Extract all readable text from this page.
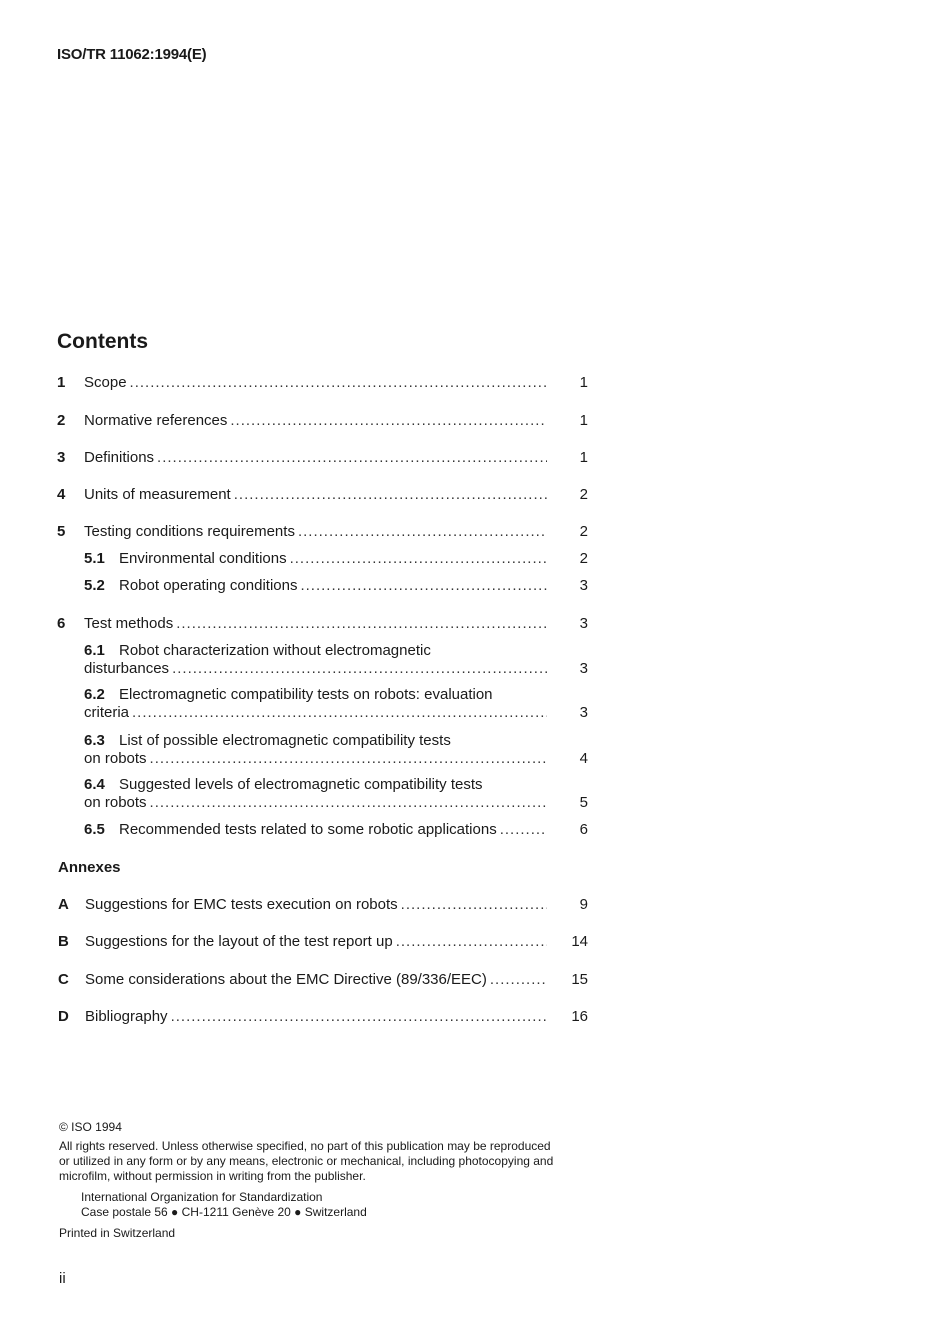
ISO/TR 11062:1994(E)
Contents
1 Scope .....	1
2 Normative references .....	1
3 Definitions .....	1
4 Units of measurement .....	2
5 Testing conditions requirements .....	2
5.1 Environmental conditions .....	2
5.2 Robot operating conditions .....	3
6 Test methods .....	3
6.1 Robot characterization without electromagnetic
disturbances .....	3
6.2 Electromagnetic compatibility tests on robots: evaluation
criteria .....	3
6.3 List of possible electromagnetic compatibility tests
on robots .....	4
6.4 Suggested levels of electromagnetic compatibility tests
on robots .....	5
6.5 Recommended tests related to some robotic applications .....	6
Annexes
A Suggestions for EMC tests execution on robots .....	9
B Suggestions for the layout of the test report up .....	14
C Some considerations about the EMC Directive (89/336/EEC) .....	15
D Bibliography .....	16
© ISO 1994
All rights reserved. Unless otherwise specified, no part of this publication may be reproduced
or utilized in any form or by any means, electronic or mechanical, including photocopying and
microfilm, without permission in writing from the publisher.
International Organization for Standardization
Case postale 56 ● CH-1211 Genève 20 ● Switzerland
Printed in Switzerland
ii
